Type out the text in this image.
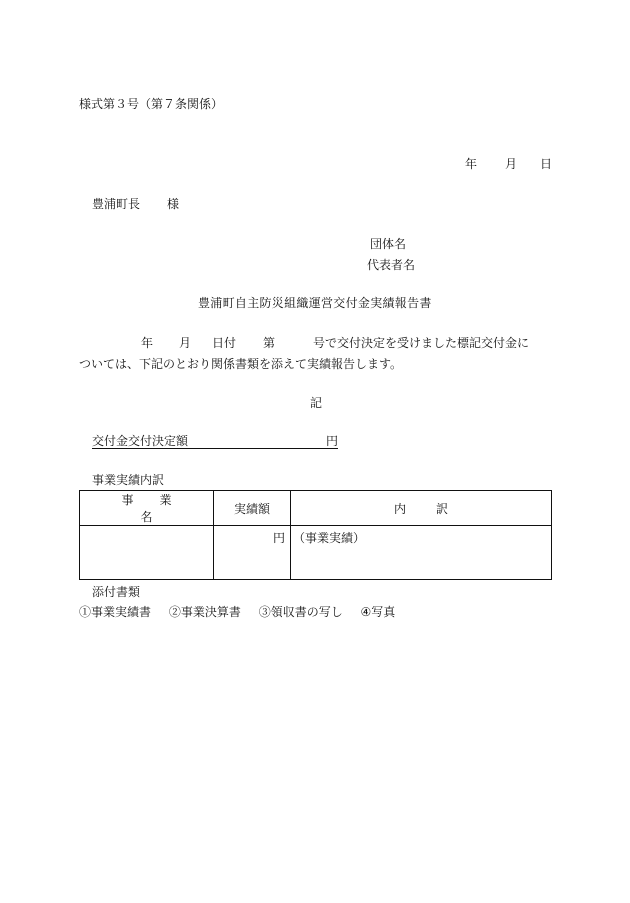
様式第３号（第７条関係）
年 月 日
豊浦町長 様
団体名
代表者名
豊浦町自主防災組織運営交付金実績報告書
年 月 日付 第	号で交付決定を受けました標記交付金に
ついては、下記のとおり関係書類を添えて実績報告します。
記
交付金交付決定額	円
事業実績内訳
事業名	実績額	内訳
	円	（事業実績）
添付書類
①事業実績書 ②事業決算書 ③領収書の写し ④写真
